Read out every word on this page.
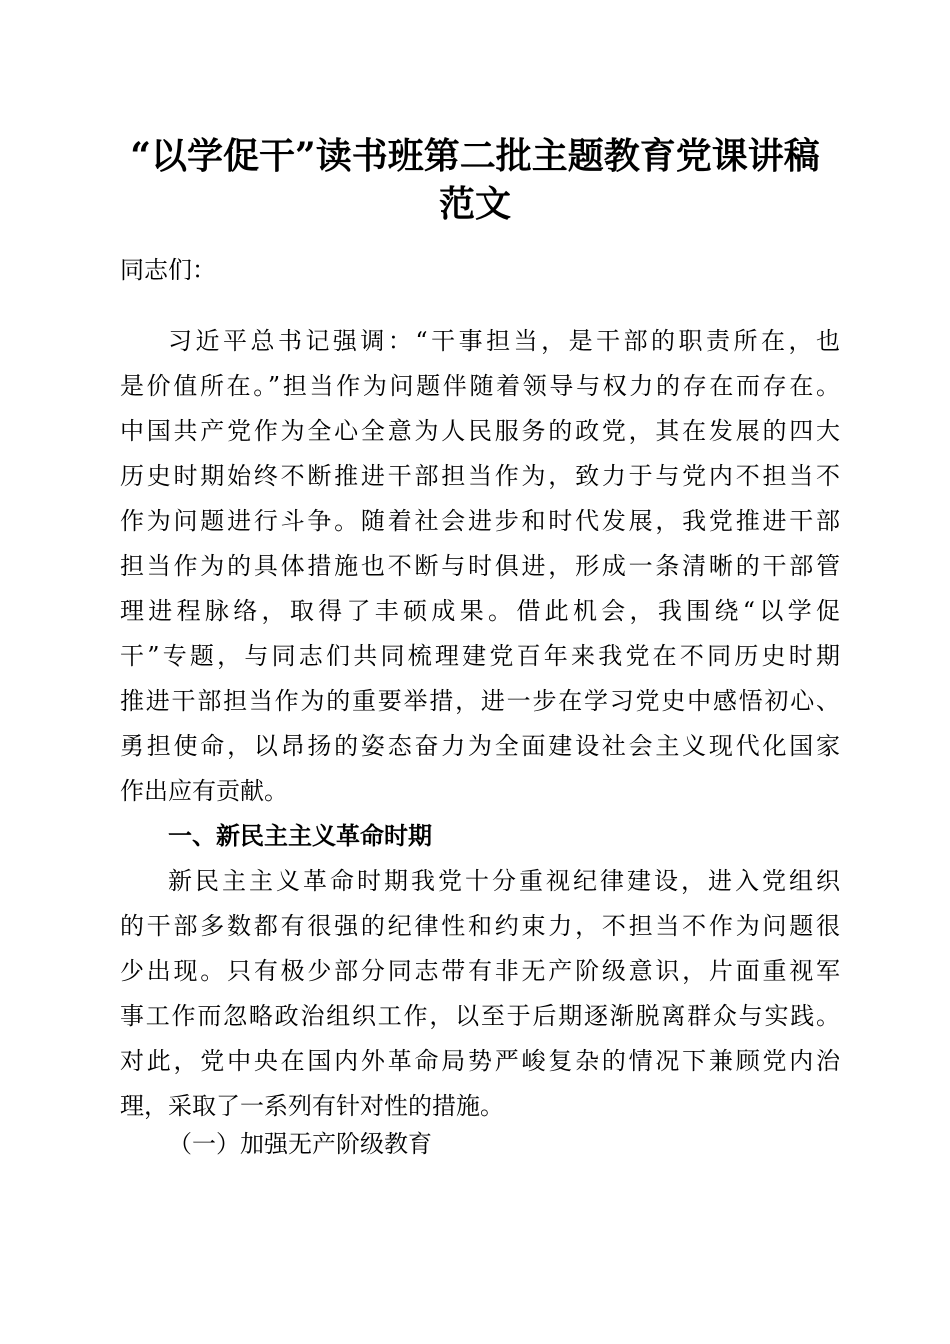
“以学促干”读书班第二批主题教育党课讲稿
范文
同志们：
习近平总书记强调：“干事担当，是干部的职责所在，也
是价值所在。”担当作为问题伴随着领导与权力的存在而存在。
中国共产党作为全心全意为人民服务的政党，其在发展的四大
历史时期始终不断推进干部担当作为，致力于与党内不担当不
作为问题进行斗争。随着社会进步和时代发展，我党推进干部
担当作为的具体措施也不断与时俱进，形成一条清晰的干部管
理进程脉络，取得了丰硕成果。借此机会，我围绕“以学促
干”专题，与同志们共同梳理建党百年来我党在不同历史时期
推进干部担当作为的重要举措，进一步在学习党史中感悟初心、
勇担使命，以昂扬的姿态奋力为全面建设社会主义现代化国家
作出应有贡献。
一、新民主主义革命时期
新民主主义革命时期我党十分重视纪律建设，进入党组织
的干部多数都有很强的纪律性和约束力，不担当不作为问题很
少出现。只有极少部分同志带有非无产阶级意识，片面重视军
事工作而忽略政治组织工作，以至于后期逐渐脱离群众与实践。
对此，党中央在国内外革命局势严峻复杂的情况下兼顾党内治
理，采取了一系列有针对性的措施。
（一）加强无产阶级教育
